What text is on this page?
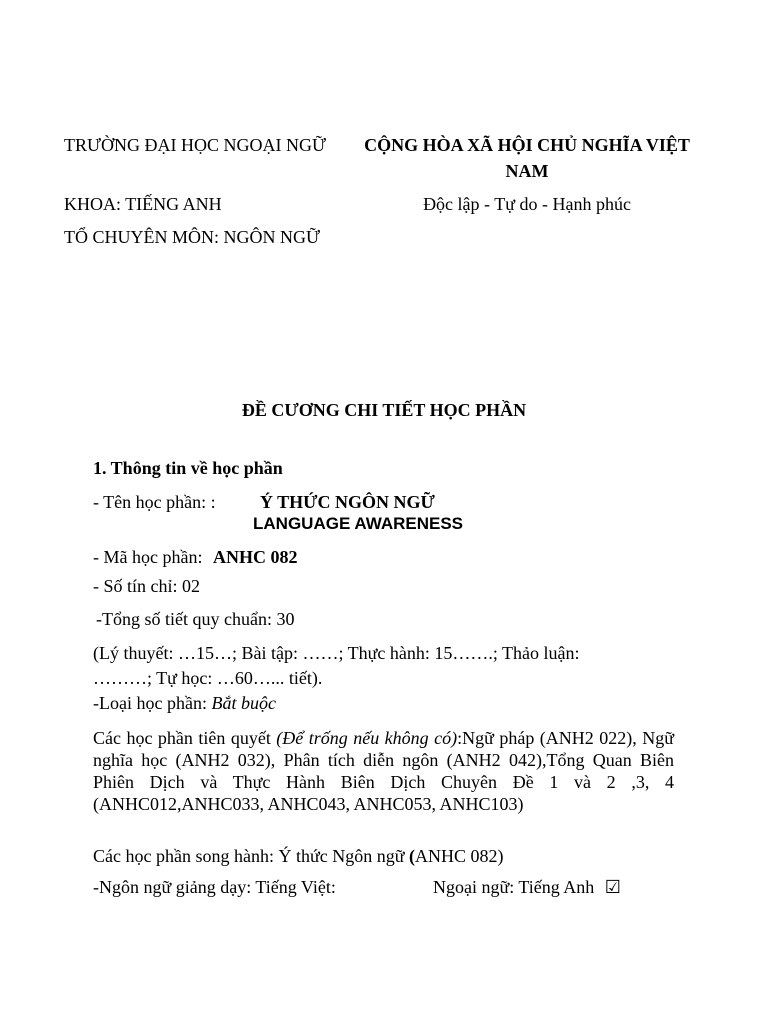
TRƯỜNG ĐẠI HỌC NGOẠI NGỮ
KHOA: TIẾNG ANH
TỔ CHUYÊN MÔN: NGÔN NGỮ
CỘNG HÒA XÃ HỘI CHỦ NGHĨA VIỆT NAM
Độc lập - Tự do - Hạnh phúc
ĐỀ CƯƠNG CHI TIẾT HỌC PHẦN
1. Thông tin về học phần
- Tên học phần: : Ý THỨC NGÔN NGỮ
LANGUAGE AWARENESS
- Mã học phần: ANHC 082
- Số tín chỉ: 02
-Tổng số tiết quy chuẩn: 30
(Lý thuyết: …15…; Bài tập: ……; Thực hành: 15…….; Thảo luận:
………; Tự học: …60…... tiết).
-Loại học phần: Bắt buộc
Các học phần tiên quyết (Để trống nếu không có):Ngữ pháp (ANH2 022), Ngữ nghĩa học (ANH2 032), Phân tích diễn ngôn (ANH2 042),Tổng Quan Biên Phiên Dịch và Thực Hành Biên Dịch Chuyên Đề 1 và 2 ,3, 4 (ANHC012,ANHC033, ANHC043, ANHC053, ANHC103)
Các học phần song hành: Ý thức Ngôn ngữ (ANHC 082)
-Ngôn ngữ giảng dạy: Tiếng Việt:	Ngoại ngữ: Tiếng Anh ☑
